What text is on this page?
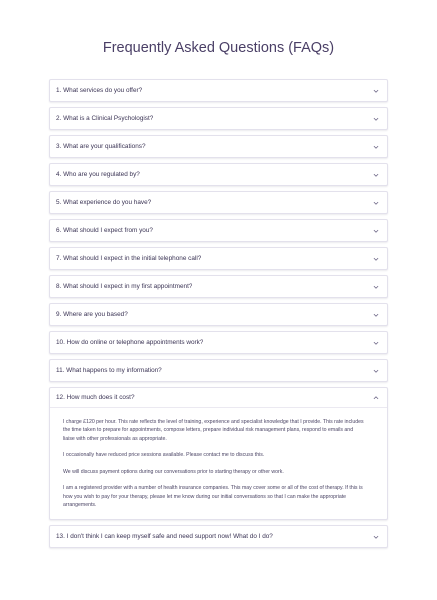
Frequently Asked Questions (FAQs)
1. What services do you offer?
2. What is a Clinical Psychologist?
3. What are your qualifications?
4. Who are you regulated by?
5. What experience do you have?
6. What should I expect from you?
7. What should I expect in the initial telephone call?
8. What should I expect in my first appointment?
9. Where are you based?
10. How do online or telephone appointments work?
11. What happens to my information?
12. How much does it cost?

I charge £120 per hour. This rate reflects the level of training, experience and specialist knowledge that I provide. This rate includes the time taken to prepare for appointments, compose letters, prepare individual risk management plans, respond to emails and liaise with other professionals as appropriate.

I occasionally have reduced price sessions available. Please contact me to discuss this.

We will discuss payment options during our conversations prior to starting therapy or other work.

I am a registered provider with a number of health insurance companies. This may cover some or all of the cost of therapy. If this is how you wish to pay for your therapy, please let me know during our initial conversations so that I can make the appropriate arrangements.

13. I don't think I can keep myself safe and need support now! What do I do?
